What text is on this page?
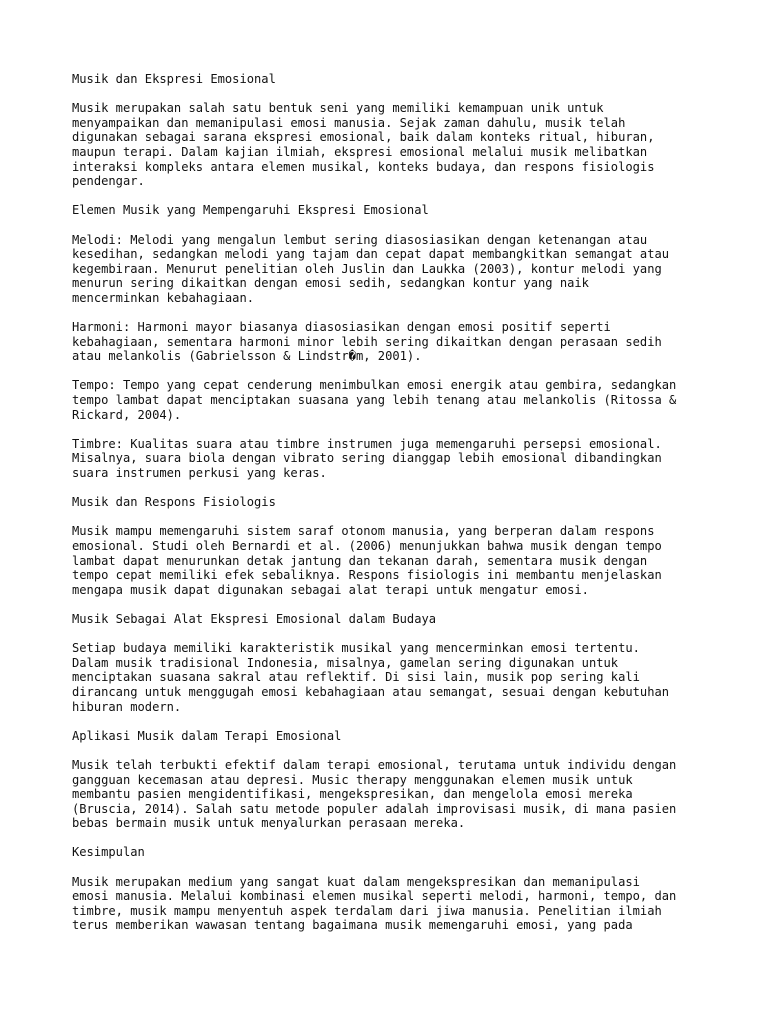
Musik dan Ekspresi Emosional
Musik merupakan salah satu bentuk seni yang memiliki kemampuan unik untuk
menyampaikan dan memanipulasi emosi manusia. Sejak zaman dahulu, musik telah
digunakan sebagai sarana ekspresi emosional, baik dalam konteks ritual, hiburan,
maupun terapi. Dalam kajian ilmiah, ekspresi emosional melalui musik melibatkan
interaksi kompleks antara elemen musikal, konteks budaya, dan respons fisiologis
pendengar.
Elemen Musik yang Mempengaruhi Ekspresi Emosional
Melodi: Melodi yang mengalun lembut sering diasosiasikan dengan ketenangan atau
kesedihan, sedangkan melodi yang tajam dan cepat dapat membangkitkan semangat atau
kegembiraan. Menurut penelitian oleh Juslin dan Laukka (2003), kontur melodi yang
menurun sering dikaitkan dengan emosi sedih, sedangkan kontur yang naik
mencerminkan kebahagiaan.
Harmoni: Harmoni mayor biasanya diasosiasikan dengan emosi positif seperti
kebahagiaan, sementara harmoni minor lebih sering dikaitkan dengan perasaan sedih
atau melankolis (Gabrielsson & Lindstr�m, 2001).
Tempo: Tempo yang cepat cenderung menimbulkan emosi energik atau gembira, sedangkan
tempo lambat dapat menciptakan suasana yang lebih tenang atau melankolis (Ritossa &
Rickard, 2004).
Timbre: Kualitas suara atau timbre instrumen juga memengaruhi persepsi emosional.
Misalnya, suara biola dengan vibrato sering dianggap lebih emosional dibandingkan
suara instrumen perkusi yang keras.
Musik dan Respons Fisiologis
Musik mampu memengaruhi sistem saraf otonom manusia, yang berperan dalam respons
emosional. Studi oleh Bernardi et al. (2006) menunjukkan bahwa musik dengan tempo
lambat dapat menurunkan detak jantung dan tekanan darah, sementara musik dengan
tempo cepat memiliki efek sebaliknya. Respons fisiologis ini membantu menjelaskan
mengapa musik dapat digunakan sebagai alat terapi untuk mengatur emosi.
Musik Sebagai Alat Ekspresi Emosional dalam Budaya
Setiap budaya memiliki karakteristik musikal yang mencerminkan emosi tertentu.
Dalam musik tradisional Indonesia, misalnya, gamelan sering digunakan untuk
menciptakan suasana sakral atau reflektif. Di sisi lain, musik pop sering kali
dirancang untuk menggugah emosi kebahagiaan atau semangat, sesuai dengan kebutuhan
hiburan modern.
Aplikasi Musik dalam Terapi Emosional
Musik telah terbukti efektif dalam terapi emosional, terutama untuk individu dengan
gangguan kecemasan atau depresi. Music therapy menggunakan elemen musik untuk
membantu pasien mengidentifikasi, mengekspresikan, dan mengelola emosi mereka
(Bruscia, 2014). Salah satu metode populer adalah improvisasi musik, di mana pasien
bebas bermain musik untuk menyalurkan perasaan mereka.
Kesimpulan
Musik merupakan medium yang sangat kuat dalam mengekspresikan dan memanipulasi
emosi manusia. Melalui kombinasi elemen musikal seperti melodi, harmoni, tempo, dan
timbre, musik mampu menyentuh aspek terdalam dari jiwa manusia. Penelitian ilmiah
terus memberikan wawasan tentang bagaimana musik memengaruhi emosi, yang pada
